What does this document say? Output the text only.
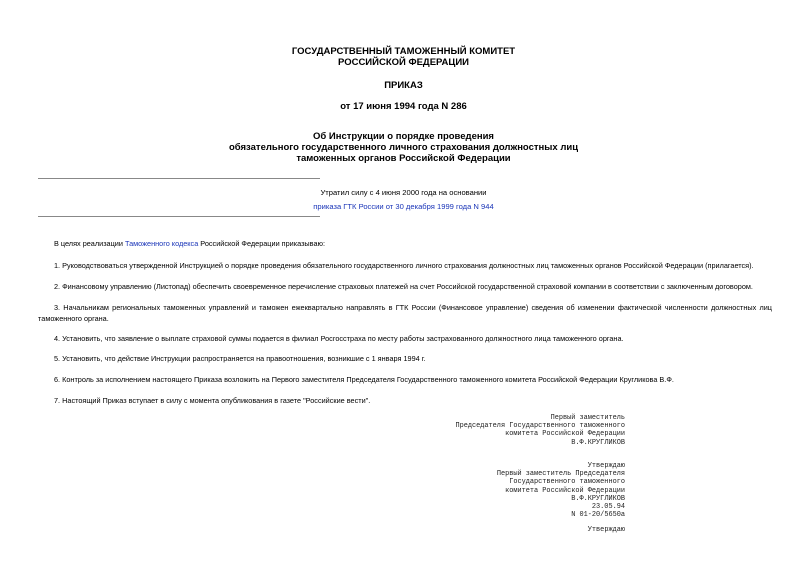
ГОСУДАРСТВЕННЫЙ ТАМОЖЕННЫЙ КОМИТЕТ
РОССИЙСКОЙ ФЕДЕРАЦИИ
ПРИКАЗ
от 17 июня 1994 года N 286
Об Инструкции о порядке проведения
обязательного государственного личного страхования должностных лиц
таможенных органов Российской Федерации
Утратил силу с 4 июня 2000 года на основании
приказа ГТК России от 30 декабря 1999 года N 944
В целях реализации Таможенного кодекса Российской Федерации приказываю:
1. Руководствоваться утвержденной Инструкцией о порядке проведения обязательного государственного личного страхования должностных лиц таможенных органов Российской Федерации (прилагается).
2. Финансовому управлению (Листопад) обеспечить своевременное перечисление страховых платежей на счет Российской государственной страховой компании в соответствии с заключенным договором.
3. Начальникам региональных таможенных управлений и таможен ежеквартально направлять в ГТК России (Финансовое управление) сведения об изменении фактической численности должностных лиц таможенного органа.
4. Установить, что заявление о выплате страховой суммы подается в филиал Росгосстраха по месту работы застрахованного должностного лица таможенного органа.
5. Установить, что действие Инструкции распространяется на правоотношения, возникшие с 1 января 1994 г.
6. Контроль за исполнением настоящего Приказа возложить на Первого заместителя Председателя Государственного таможенного комитета Российской Федерации Кругликова В.Ф.
7. Настоящий Приказ вступает в силу с момента опубликования в газете "Российские вести".
Первый заместитель
Председателя Государственного таможенного
комитета Российской Федерации
В.Ф.КРУГЛИКОВ
Утверждаю
Первый заместитель Председателя
Государственного таможенного
комитета Российской Федерации
В.Ф.КРУГЛИКОВ
23.05.94
N 01-20/5650а
Утверждаю
